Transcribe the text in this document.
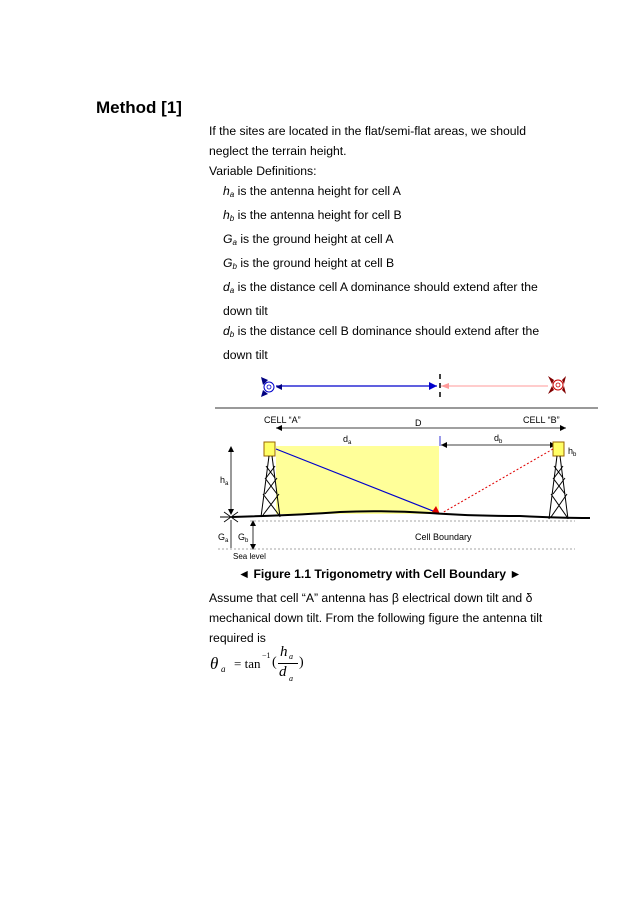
Method [1]
If the sites are located in the flat/semi-flat areas, we should
neglect the terrain height.
Variable Definitions:
$h_a$ is the antenna height for cell A
$h_b$ is the antenna height for cell B
$G_a$ is the ground height at cell A
$G_b$ is the ground height at cell B
$d_a$ is the distance cell A dominance should extend after the
down tilt
$d_b$ is the distance cell B dominance should extend after the
down tilt
CELL “A”	CELL “B”
D
$d_a$	$d_b$
$h_b$
$h_a$
$G_a$ $G_b$	Cell Boundary
Sea level
◄ Figure 1.1 Trigonometry with Cell Boundary ►
Assume that cell “A” antenna has β electrical down tilt and δ
mechanical down tilt. From the following figure the antenna tilt
required is
θ a = tan
−1 (
h a
d a
)
